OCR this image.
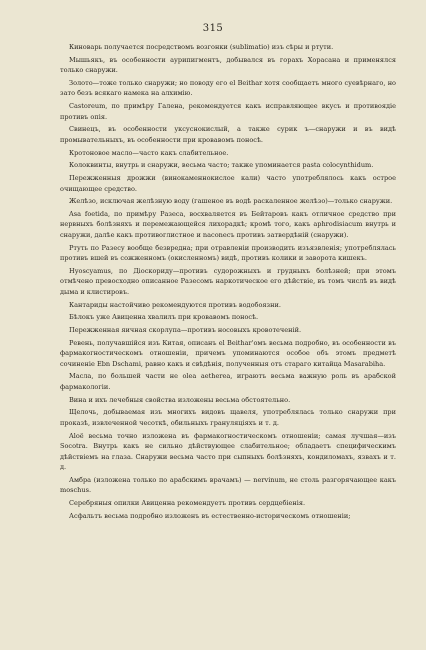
315

Киноварь получается посредствомъ возгонки (sublimatio) изъ сѣры и ртути.

Мышьякъ, въ особенности аурипигментъ, добывался въ горахъ Хорасана и применялся только снаружи.

Золото—тоже только снаружи; но поводу его el Beithar хотя сообщаетъ много суевѣрнаго, но зато безъ всякаго намека на алхимію.

Castoreum, по примѣру Галена, рекомендуется какъ исправляющее вкусъ и противоядіе противъ опія.

Свинецъ, въ особенности уксуснокислый, а также сурик ъ—снаружи и въ видѣ промывательныхъ, въ особенности при кровавомъ поносѣ.

Кротоновое масло—часто какъ слабительное.

Колоквинты, внутрь и снаружи, весьма часто; также упоминается pasta colocynthidum.

Пережженныя дрожжи (винокаменнокислое кали) часто употреблялось какъ острое очищающее средство.

Желѣзо, исключая желѣзную воду (гашеное въ водѣ раскаленное желѣзо)—только снаружи.

Asa foetida, по примѣру Разеса, восхваляется въ Бейтаровъ какъ отличное средство при нервныхъ болѣзняхъ и перемежающейся лихорадкѣ; кромѣ того, какъ aphrodisiacum внутрь и снаружи, далѣе какъ противоглистное и naconecъ противъ затвердѣній (снаружи).

Ртуть по Разесу вообще безвредна; при отравленіи производить изъязвленія; употреблялась противъ вшей въ сожженномъ (окисленномъ) видѣ, противъ колики и заворота кишекъ.

Нуоscyamus, по Діоскориду—противъ судорожныхъ и грудныхъ болѣзней; при этомъ отмѣчено превосходно описанное Разесомъ наркотическое его дѣйствіе, въ томъ числѣ въ видѣ дыма и клистировъ.

Кантариды настойчиво рекомендуются противъ водобоязни.

Бѣлокъ уже Авиценна хвалилъ при кровавомъ поносѣ.

Пережженная яичная скорлупа—противъ носовыхъ кровотеченій.

Ревень, получавшійся изъ Китая, описанъ el Beithar'омъ весьма подробно, въ особенности въ фармакогностическомъ отношеніи, причемъ упоминаются особое объ этомъ предметѣ сочиненіе Ebn Dschami, равно какъ и свѣдѣнія, полученныя отъ стараго китайца Masarabiha.

Масла, по большей части не olea aetherea, играютъ весьма важную роль въ арабской фармакологіи.

Вина и ихъ лечебныя свойства изложены весьма обстоятельно.

Щелочь, добываемая изъ многихъ видовъ щавеля, употреблялась только снаружи при проказѣ, извлеченной чесоткѣ, обильныхъ грануляціяхъ и т. д.

Aloë весьма точно изложена въ фармакогностическомъ отношеніи; самая лучшая—изъ Socotra. Внутрь какъ не сильно дѣйствующее слабительное; обладаетъ специфическимъ дѣйствіемъ на глаза. Снаружи весьма часто при сыпныхъ болѣзняхъ, кондиломахъ, язвахъ и т. д.

Амбра (изложена только по арабскимъ врачамъ) — nervinum, не столь разгорячающее какъ moschus.

Серебряныя опилки Авиценна рекомендуетъ противъ сердцебіенія.

Асфальтъ весьма подробно изложенъ въ естественно-историческомъ отношеніи;
